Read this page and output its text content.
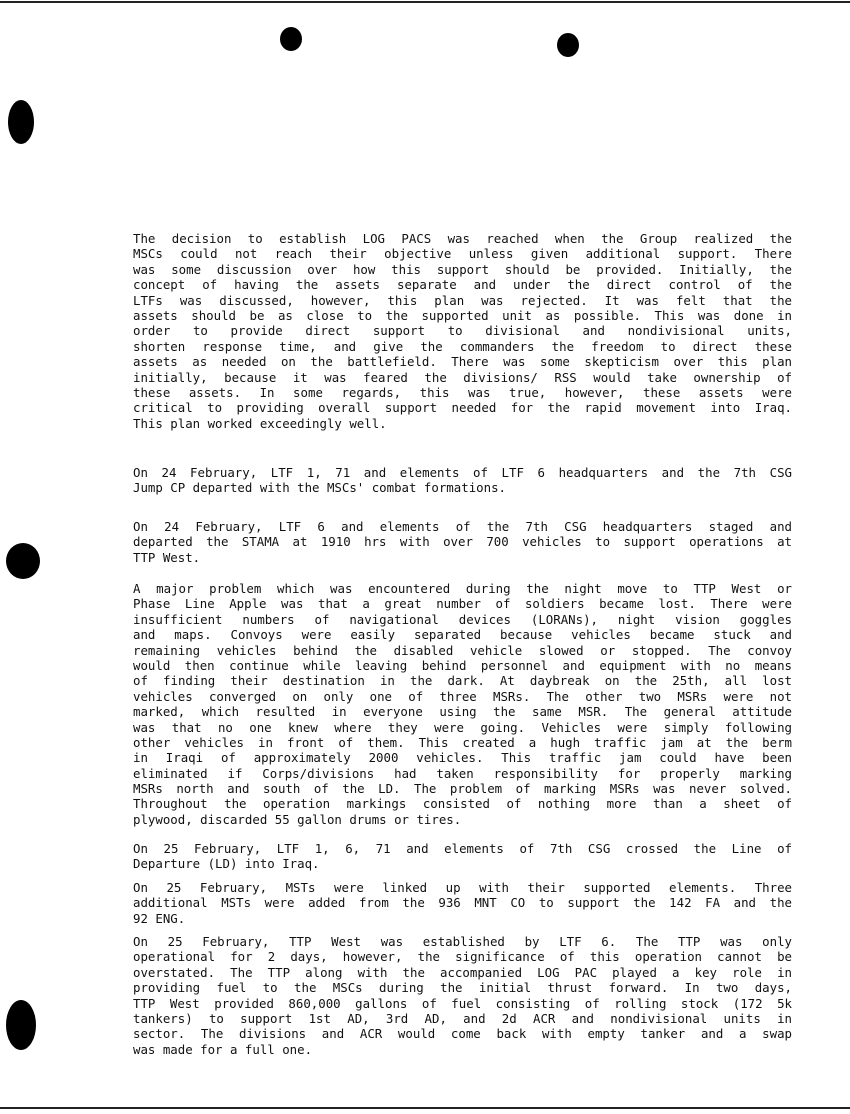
The decision to establish LOG PACS was reached when the Group realized the
MSCs could not reach their objective unless given additional support. There
was some discussion over how this support should be provided. Initially, the
concept of having the assets separate and under the direct control of the
LTFs was discussed, however, this plan was rejected. It was felt that the
assets should be as close to the supported unit as possible. This was done in
order to provide direct support to divisional and nondivisional units,
shorten response time, and give the commanders the freedom to direct these
assets as needed on the battlefield. There was some skepticism over this plan
initially, because it was feared the divisions/ RSS would take ownership of
these assets. In some regards, this was true, however, these assets were
critical to providing overall support needed for the rapid movement into Iraq.
This plan worked exceedingly well.
On 24 February, LTF 1, 71 and elements of LTF 6 headquarters and the 7th CSG
Jump CP departed with the MSCs' combat formations.
On 24 February, LTF 6 and elements of the 7th CSG headquarters staged and
departed the STAMA at 1910 hrs with over 700 vehicles to support operations at
TTP West.
A major problem which was encountered during the night move to TTP West or
Phase Line Apple was that a great number of soldiers became lost. There were
insufficient numbers of navigational devices (LORANs), night vision goggles
and maps. Convoys were easily separated because vehicles became stuck and
remaining vehicles behind the disabled vehicle slowed or stopped. The convoy
would then continue while leaving behind personnel and equipment with no means
of finding their destination in the dark. At daybreak on the 25th, all lost
vehicles converged on only one of three MSRs. The other two MSRs were not
marked, which resulted in everyone using the same MSR. The general attitude
was that no one knew where they were going. Vehicles were simply following
other vehicles in front of them. This created a hugh traffic jam at the berm
in Iraqi of approximately 2000 vehicles. This traffic jam could have been
eliminated if Corps/divisions had taken responsibility for properly marking
MSRs north and south of the LD. The problem of marking MSRs was never solved.
Throughout the operation markings consisted of nothing more than a sheet of
plywood, discarded 55 gallon drums or tires.
On 25 February, LTF 1, 6, 71 and elements of 7th CSG crossed the Line of
Departure (LD) into Iraq.
On 25 February, MSTs were linked up with their supported elements. Three
additional MSTs were added from the 936 MNT CO to support the 142 FA and the
92 ENG.
On 25 February, TTP West was established by LTF 6. The TTP was only
operational for 2 days, however, the significance of this operation cannot be
overstated. The TTP along with the accompanied LOG PAC played a key role in
providing fuel to the MSCs during the initial thrust forward. In two days,
TTP West provided 860,000 gallons of fuel consisting of rolling stock (172 5k
tankers) to support 1st AD, 3rd AD, and 2d ACR and nondivisional units in
sector. The divisions and ACR would come back with empty tanker and a swap
was made for a full one.
